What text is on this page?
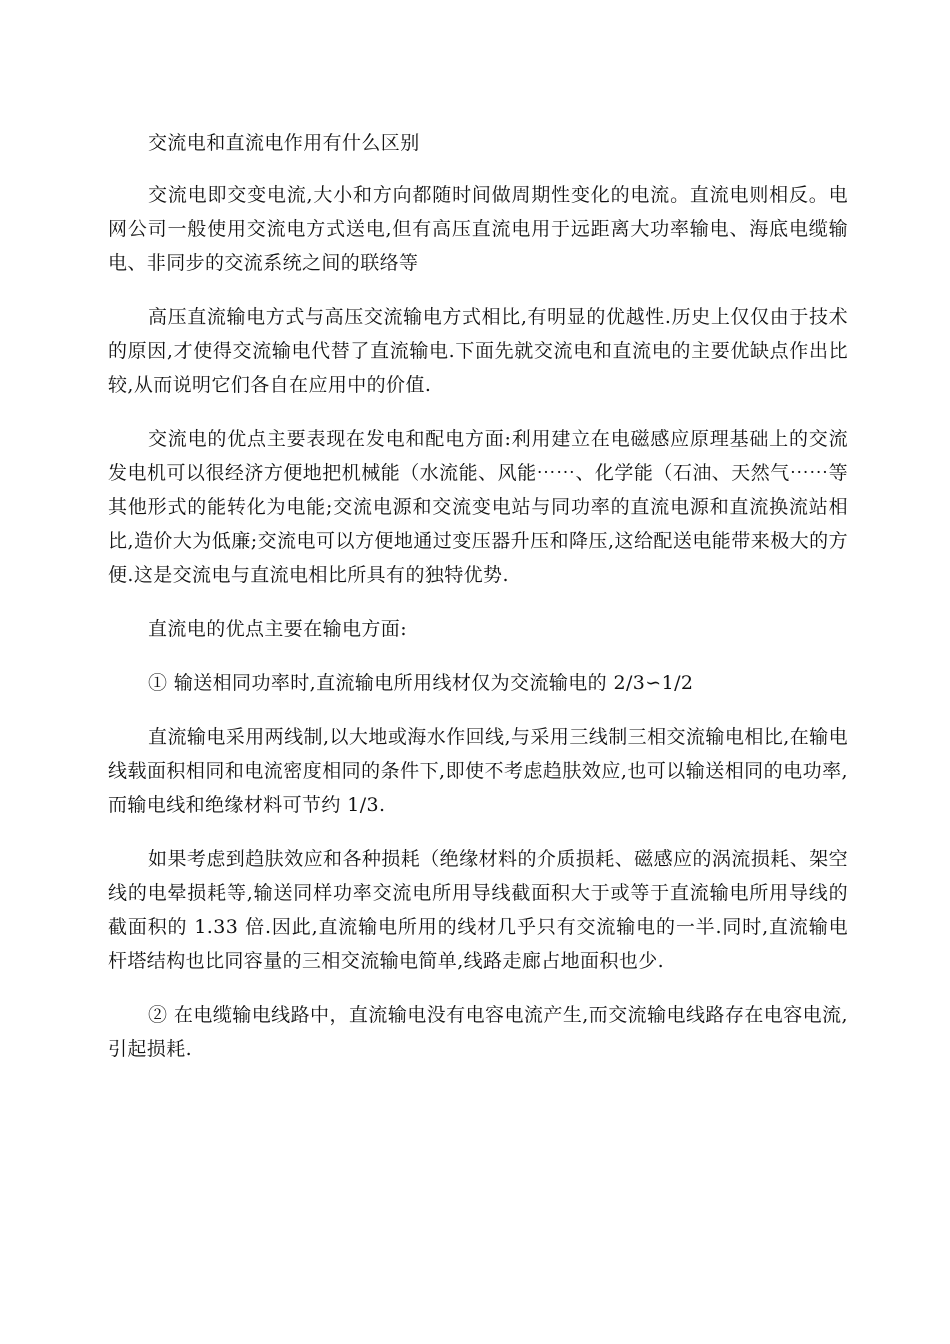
交流电和直流电作用有什么区别

交流电即交变电流,大小和方向都随时间做周期性变化的电流。直流电则相反。电网公司一般使用交流电方式送电,但有高压直流电用于远距离大功率输电、海底电缆输电、非同步的交流系统之间的联络等

高压直流输电方式与高压交流输电方式相比,有明显的优越性.历史上仅仅由于技术的原因,才使得交流输电代替了直流输电.下面先就交流电和直流电的主要优缺点作出比较,从而说明它们各自在应用中的价值.

交流电的优点主要表现在发电和配电方面:利用建立在电磁感应原理基础上的交流发电机可以很经济方便地把机械能（水流能、风能⋯⋯、化学能（石油、天然气⋯⋯等其他形式的能转化为电能;交流电源和交流变电站与同功率的直流电源和直流换流站相比,造价大为低廉;交流电可以方便地通过变压器升压和降压,这给配送电能带来极大的方便.这是交流电与直流电相比所具有的独特优势.

直流电的优点主要在输电方面:

① 输送相同功率时,直流输电所用线材仅为交流输电的 2/3∽1/2

直流输电采用两线制,以大地或海水作回线,与采用三线制三相交流输电相比,在输电线载面积相同和电流密度相同的条件下,即使不考虑趋肤效应,也可以输送相同的电功率,而输电线和绝缘材料可节约 1/3.

如果考虑到趋肤效应和各种损耗（绝缘材料的介质损耗、磁感应的涡流损耗、架空线的电晕损耗等,输送同样功率交流电所用导线截面积大于或等于直流输电所用导线的截面积的 1.33 倍.因此,直流输电所用的线材几乎只有交流输电的一半.同时,直流输电杆塔结构也比同容量的三相交流输电简单,线路走廊占地面积也少.

② 在电缆输电线路中，直流输电没有电容电流产生,而交流输电线路存在电容电流,引起损耗.
